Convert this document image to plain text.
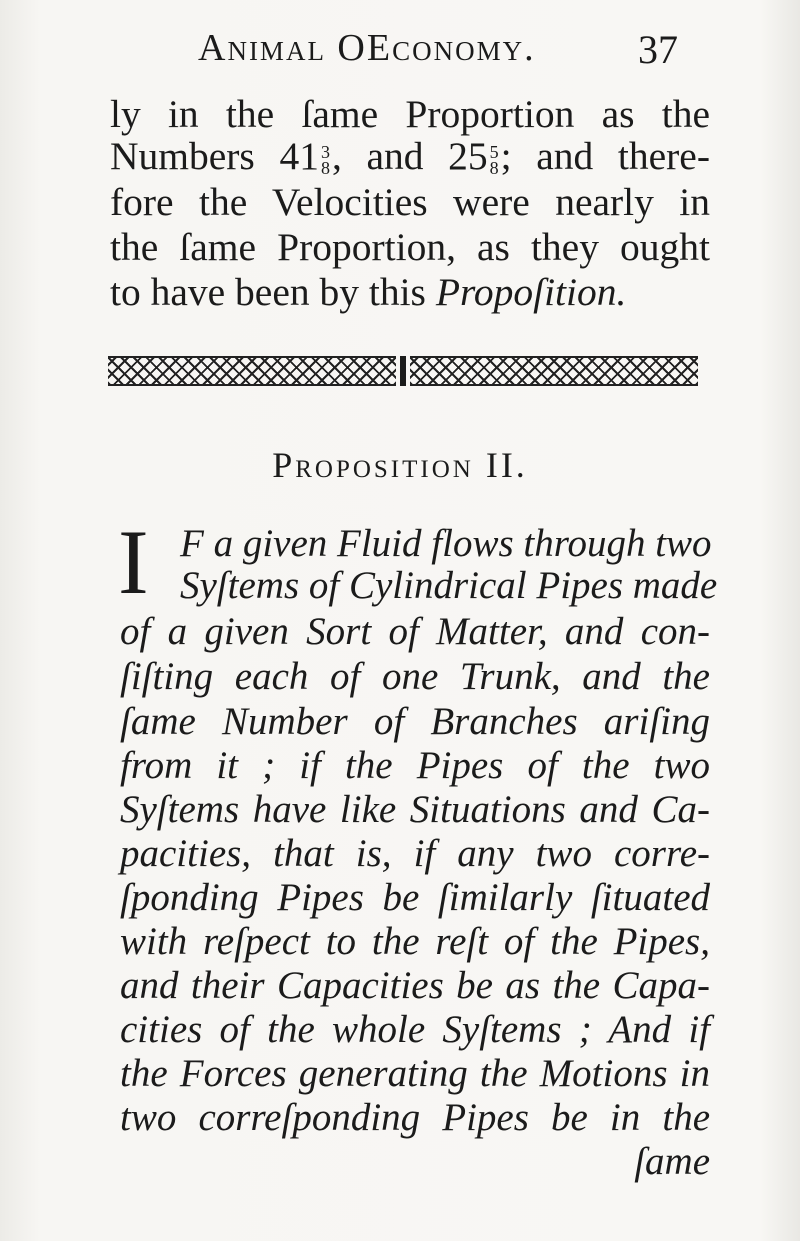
Animal OEconomy.	37
ly in the ſame Proportion as the
Numbers 41 3
8 , and 25 5
8 ; and there-
fore the Velocities were nearly in
the ſame Proportion, as they ought
to have been by this Propoſition.
Proposition II.
I F a given Fluid flows through two
Syſtems of Cylindrical Pipes made
of a given Sort of Matter, and con-
ſiſting each of one Trunk, and the
ſame Number of Branches ariſing
from it ; if the Pipes of the two
Syſtems have like Situations and Ca-
pacities, that is, if any two corre-
ſponding Pipes be ſimilarly ſituated
with reſpect to the reſt of the Pipes,
and their Capacities be as the Capa-
cities of the whole Syſtems ; And if
the Forces generating the Motions in
two correſponding Pipes be in the
ſame
